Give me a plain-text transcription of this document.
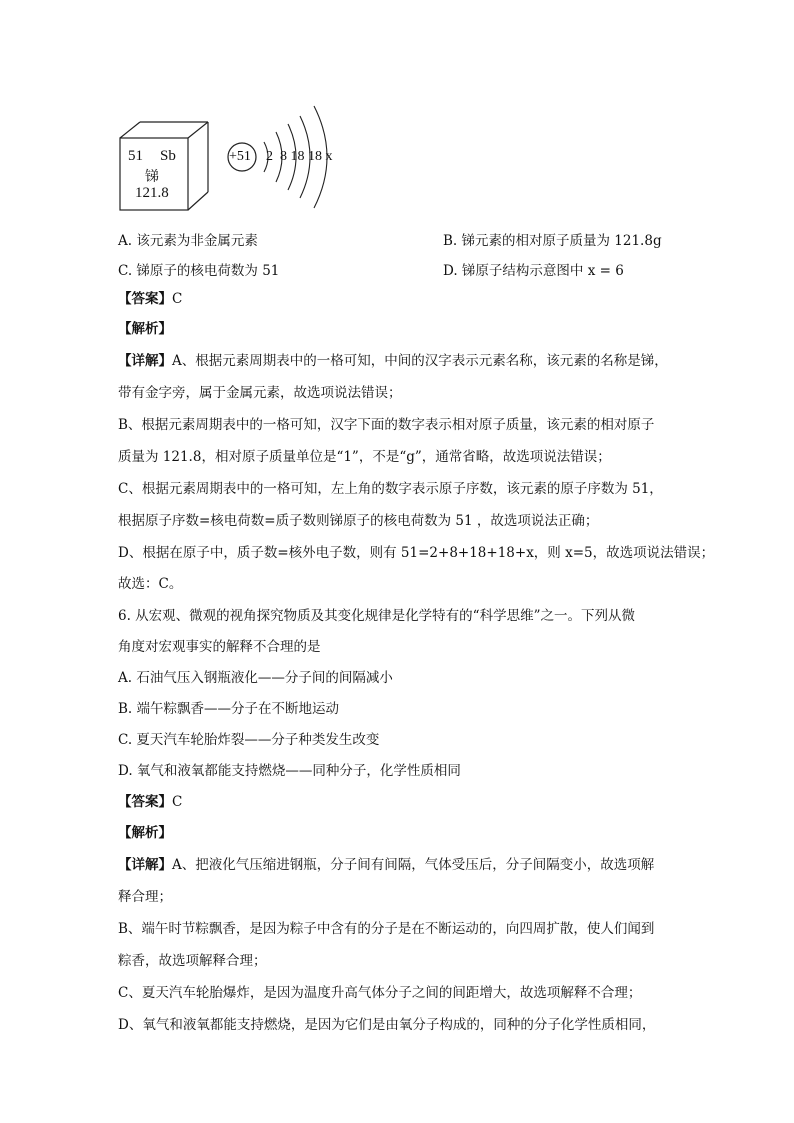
51 Sb
锑
121.8
+51 2  8 18 18 x
A. 该元素为非金属元素	B. 锑元素的相对原子质量为 121.8g
C. 锑原子的核电荷数为 51	D. 锑原子结构示意图中 x = 6
【答案】C
【解析】
【详解】A、根据元素周期表中的一格可知，中间的汉字表示元素名称，该元素的名称是锑，
带有金字旁，属于金属元素，故选项说法错误；
B、根据元素周期表中的一格可知，汉字下面的数字表示相对原子质量，该元素的相对原子
质量为 121.8，相对原子质量单位是“1”，不是“g”，通常省略，故选项说法错误；
C、根据元素周期表中的一格可知，左上角的数字表示原子序数，该元素的原子序数为 51，
根据原子序数=核电荷数=质子数则锑原子的核电荷数为 51 ，故选项说法正确；
D、根据在原子中，质子数=核外电子数，则有 51=2+8+18+18+x，则 x=5，故选项说法错误；
故选：C。
6. 从宏观、微观的视角探究物质及其变化规律是化学特有的“科学思维”之一。下列从微
角度对宏观事实的解释不合理的是
A. 石油气压入钢瓶液化——分子间的间隔减小
B. 端午粽飘香——分子在不断地运动
C. 夏天汽车轮胎炸裂——分子种类发生改变
D. 氧气和液氧都能支持燃烧——同种分子，化学性质相同
【答案】C
【解析】
【详解】A、把液化气压缩进钢瓶，分子间有间隔，气体受压后，分子间隔变小，故选项解
释合理；
B、端午时节粽飘香，是因为粽子中含有的分子是在不断运动的，向四周扩散，使人们闻到
粽香，故选项解释合理；
C、夏天汽车轮胎爆炸，是因为温度升高气体分子之间的间距增大，故选项解释不合理；
D、氧气和液氧都能支持燃烧，是因为它们是由氧分子构成的，同种的分子化学性质相同，
